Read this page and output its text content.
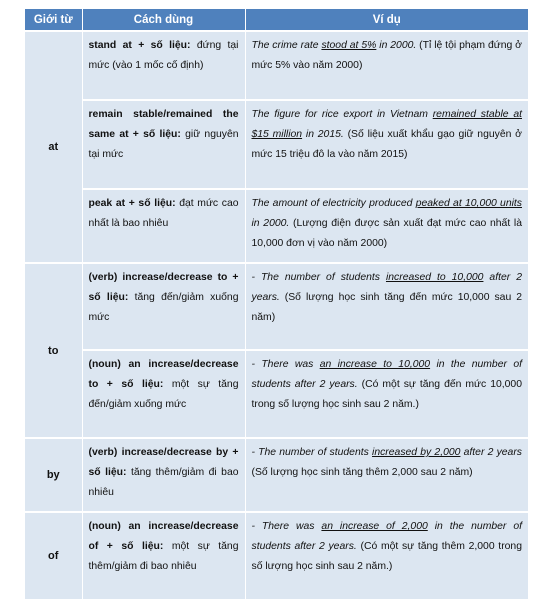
Giới từ	Cách dùng	Ví dụ
at	stand at + số liệu: đứng tại mức (vào 1 mốc cố định)	The crime rate stood at 5% in 2000. (Tỉ lệ tội phạm đứng ở mức 5% vào năm 2000)
	remain stable/remained the same at + số liệu: giữ nguyên tại mức	The figure for rice export in Vietnam remained stable at $15 million in 2015. (Số liệu xuất khẩu gạo giữ nguyên ở mức 15 triệu đô la vào năm 2015)
	peak at + số liệu: đạt mức cao nhất là bao nhiêu	The amount of electricity produced peaked at 10,000 units in 2000. (Lượng điện được sản xuất đạt mức cao nhất là 10,000 đơn vị vào năm 2000)
to	(verb) increase/decrease to + số liệu: tăng đến/giảm xuống mức	- The number of students increased to 10,000 after 2 years. (Số lượng học sinh tăng đến mức 10,000 sau 2 năm)
	(noun) an increase/decrease to + số liệu: một sự tăng đến/giảm xuống mức	- There was an increase to 10,000 in the number of students after 2 years. (Có một sự tăng đến mức 10,000 trong số lượng học sinh sau 2 năm.)
by	(verb) increase/decrease by + số liệu: tăng thêm/giảm đi bao nhiêu	- The number of students increased by 2,000 after 2 years (Số lượng học sinh tăng thêm 2,000 sau 2 năm)
of	(noun) an increase/decrease of + số liệu: một sự tăng thêm/giảm đi bao nhiêu	- There was an increase of 2,000 in the number of students after 2 years. (Có một sự tăng thêm 2,000 trong số lượng học sinh sau 2 năm.)
